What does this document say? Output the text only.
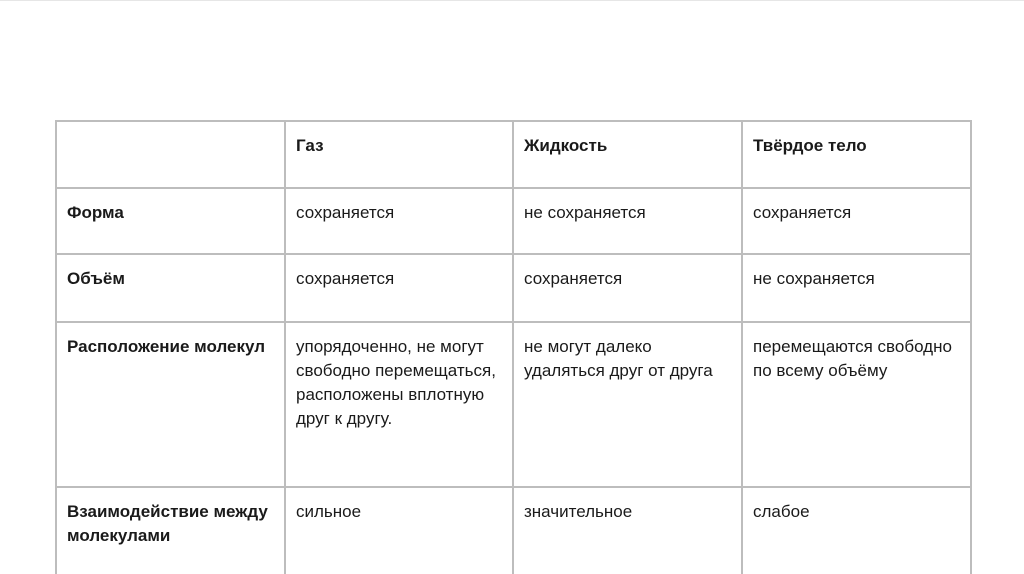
	Газ	Жидкость	Твёрдое тело
Форма	сохраняется	не сохраняется	сохраняется
Объём	сохраняется	сохраняется	не сохраняется
Расположение молекул	упорядоченно, не могут свободно перемещаться, расположены вплотную друг к другу.	не могут далеко удаляться друг от друга	перемещаются свободно по всему объёму
Взаимодействие между молекулами	сильное	значительное	слабое
